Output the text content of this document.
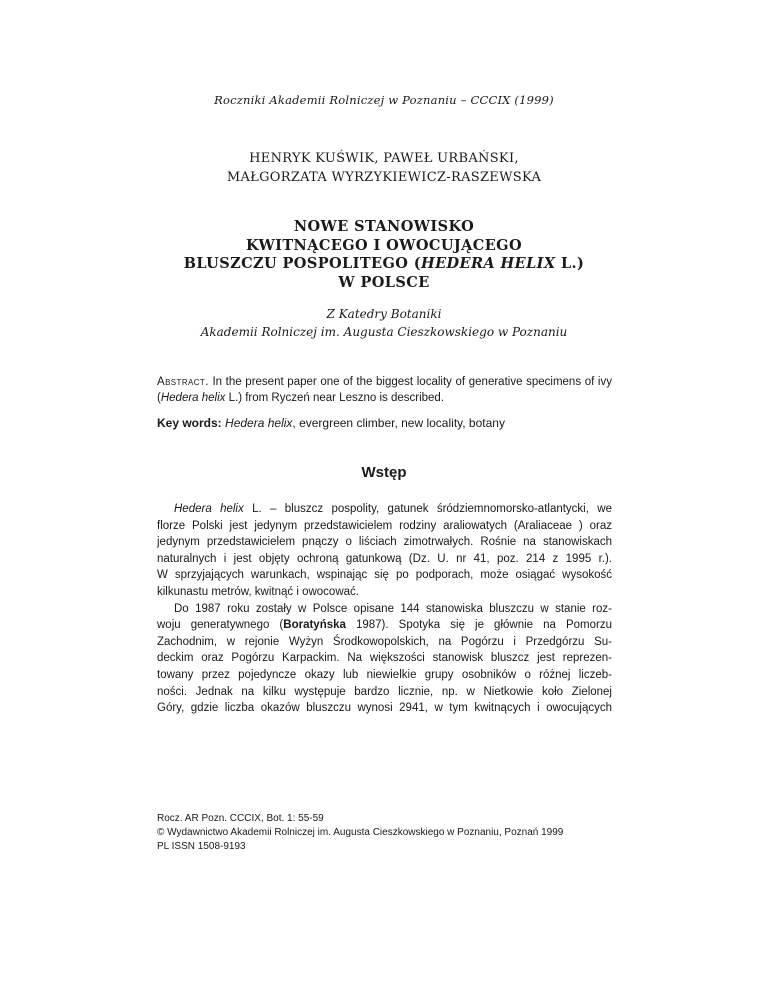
Roczniki Akademii Rolniczej w Poznaniu – CCCIX (1999)
HENRYK KUŚWIK, PAWEŁ URBAŃSKI,
MAŁGORZATA WYRZYKIEWICZ-RASZEWSKA
NOWE STANOWISKO
KWITNĄCEGO I OWOCUJĄCEGO
BLUSZCZU POSPOLITEGO (HEDERA HELIX L.)
W POLSCE
Z Katedry Botaniki
Akademii Rolniczej im. Augusta Cieszkowskiego w Poznaniu
Abstract. In the present paper one of the biggest locality of generative specimens of ivy (Hedera helix L.) from Ryczeń near Leszno is described.
Key words: Hedera helix, evergreen climber, new locality, botany
Wstęp
Hedera helix L. – bluszcz pospolity, gatunek śródziemnomorsko-atlantycki, we
florze Polski jest jedynym przedstawicielem rodziny araliowatych (Araliaceae ) oraz
jedynym przedstawicielem pnączy o liściach zimotrwałych. Rośnie na stanowiskach
naturalnych i jest objęty ochroną gatunkową (Dz. U. nr 41, poz. 214 z 1995 r.).
W sprzyjających warunkach, wspinając się po podporach, może osiągać wysokość
kilkunastu metrów, kwitnąć i owocować.
Do 1987 roku zostały w Polsce opisane 144 stanowiska bluszczu w stanie roz-
woju generatywnego (Boratyńska 1987). Spotyka się je głównie na Pomorzu
Zachodnim, w rejonie Wyżyn Środkowopolskich, na Pogórzu i Przedgórzu Su-
deckim oraz Pogórzu Karpackim. Na większości stanowisk bluszcz jest reprezen-
towany przez pojedyncze okazy lub niewielkie grupy osobników o różnej liczeb-
ności. Jednak na kilku występuje bardzo licznie, np. w Nietkowie koło Zielonej
Góry, gdzie liczba okazów bluszczu wynosi 2941, w tym kwitnących i owocujących
Rocz. AR Pozn. CCCIX, Bot. 1: 55-59
© Wydawnictwo Akademii Rolniczej im. Augusta Cieszkowskiego w Poznaniu, Poznań 1999
PL ISSN 1508-9193
